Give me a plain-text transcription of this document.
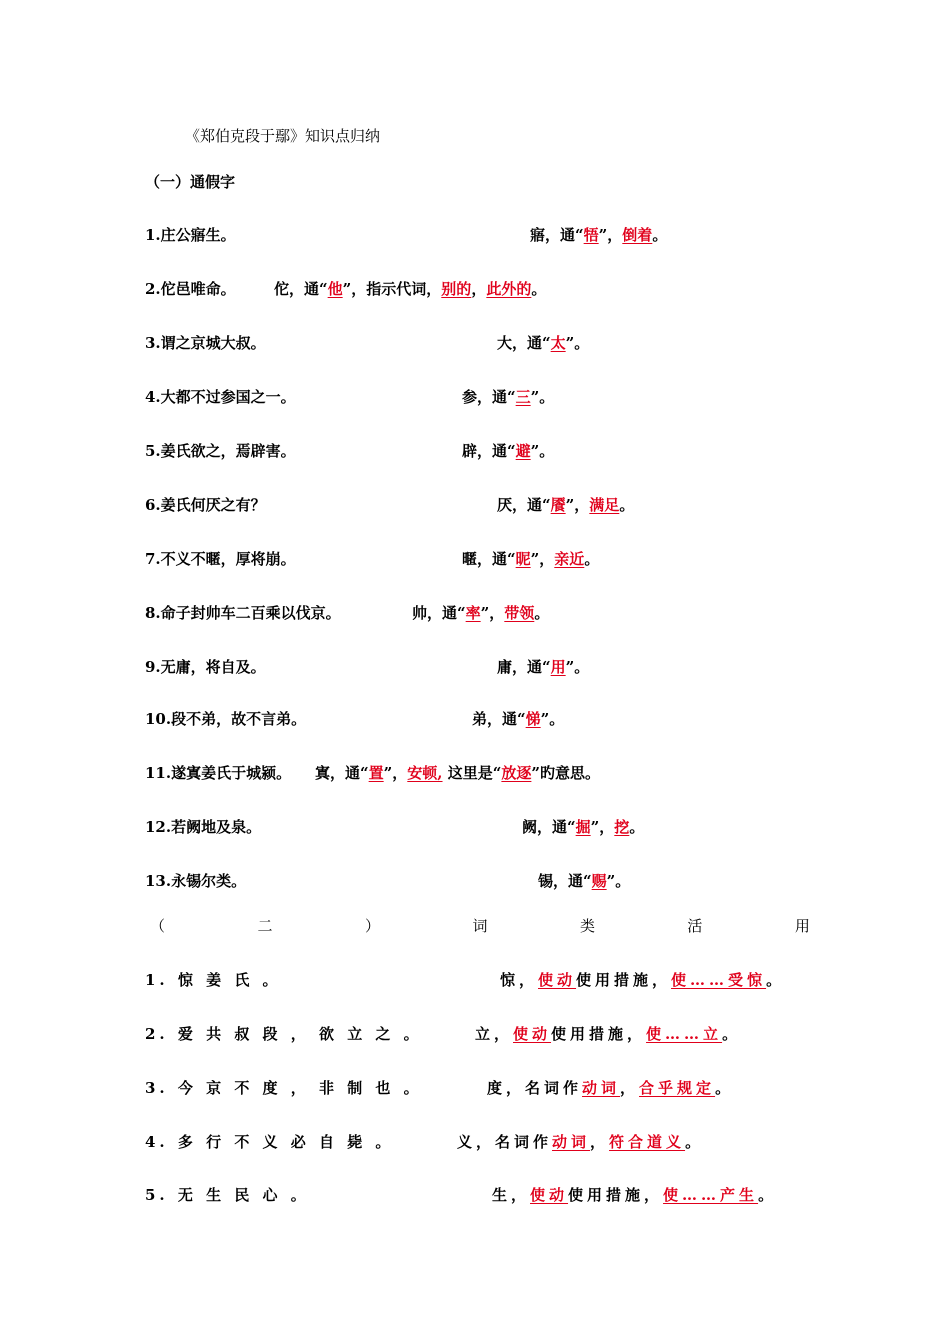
《郑伯克段于鄢》知识点归纳
（一）通假字
1.庄公寤生。	寤，通“牾”，倒着。
2.佗邑唯命。	佗，通“他”，指示代词，别的，此外的。
3.谓之京城大叔。	大，通“太”。
4.大都不过参国之一。	参，通“三”。
5.姜氏欲之，焉辟害。	辟，通“避”。
6.姜氏何厌之有？	厌，通“餍”，满足。
7.不义不暱，厚将崩。	暱，通“昵”，亲近。
8.命子封帅车二百乘以伐京。	帅，通“率”，带领。
9.无庸，将自及。	庸，通“用”。
10.段不弟，故不言弟。	弟，通“悌”。
11.遂寘姜氏于城颍。 寘，通“置”，安顿, 这里是“放逐”旳意思。
12.若阙地及泉。	阙，通“掘”，挖。
13.永锡尔类。	锡，通“赐”。
（	二	）	词	类	活	用
1. 惊 姜 氏 。	惊，使动使用措施，使……受惊。
2. 爱 共 叔 段 ， 欲 立 之 。	立，使动使用措施，使……立。
3. 今 京 不 度 ， 非 制 也 。	度，名词作动词，合乎规定。
4. 多 行 不 义 必 自 毙 。	义，名词作动词，符合道义。
5. 无 生 民 心 。	生，使动使用措施，使……产生。
